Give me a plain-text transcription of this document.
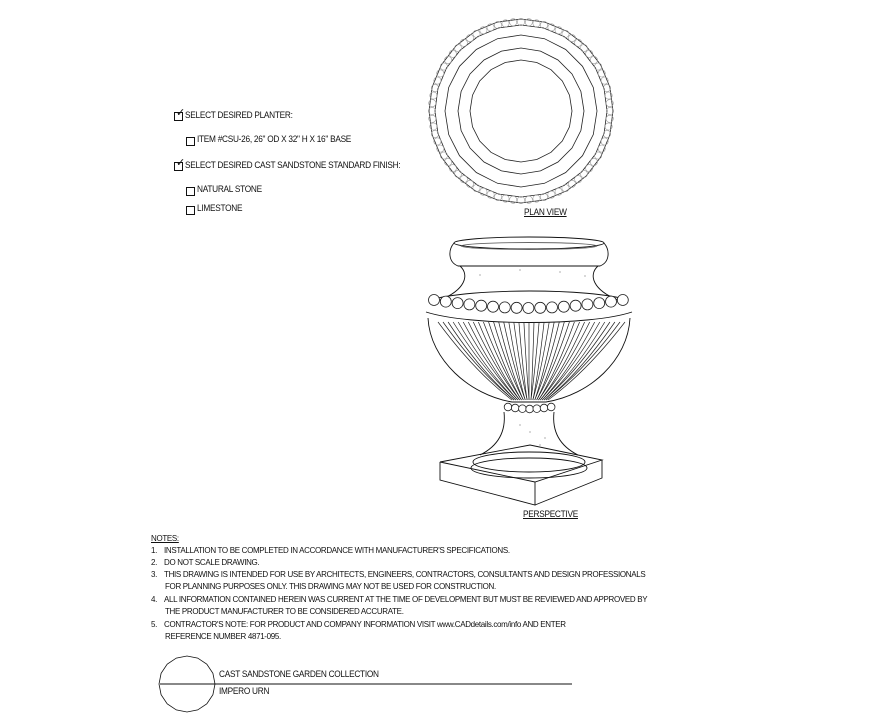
✓ SELECT DESIRED PLANTER:
ITEM #CSU-26, 26" OD X 32" H X 16" BASE
✓ SELECT DESIRED CAST SANDSTONE STANDARD FINISH:
NATURAL STONE
LIMESTONE	PLAN VIEW
PERSPECTIVE
NOTES:
1. INSTALLATION TO BE COMPLETED IN ACCORDANCE WITH MANUFACTURER'S SPECIFICATIONS.
2. DO NOT SCALE DRAWING.
3. THIS DRAWING IS INTENDED FOR USE BY ARCHITECTS, ENGINEERS, CONTRACTORS, CONSULTANTS AND DESIGN PROFESSIONALS
FOR PLANNING PURPOSES ONLY. THIS DRAWING MAY NOT BE USED FOR CONSTRUCTION.
4. ALL INFORMATION CONTAINED HEREIN WAS CURRENT AT THE TIME OF DEVELOPMENT BUT MUST BE REVIEWED AND APPROVED BY
THE PRODUCT MANUFACTURER TO BE CONSIDERED ACCURATE.
5. CONTRACTOR'S NOTE: FOR PRODUCT AND COMPANY INFORMATION VISIT www.CADdetails.com/info AND ENTER
REFERENCE NUMBER 4871-095.
CAST SANDSTONE GARDEN COLLECTION
IMPERO URN
